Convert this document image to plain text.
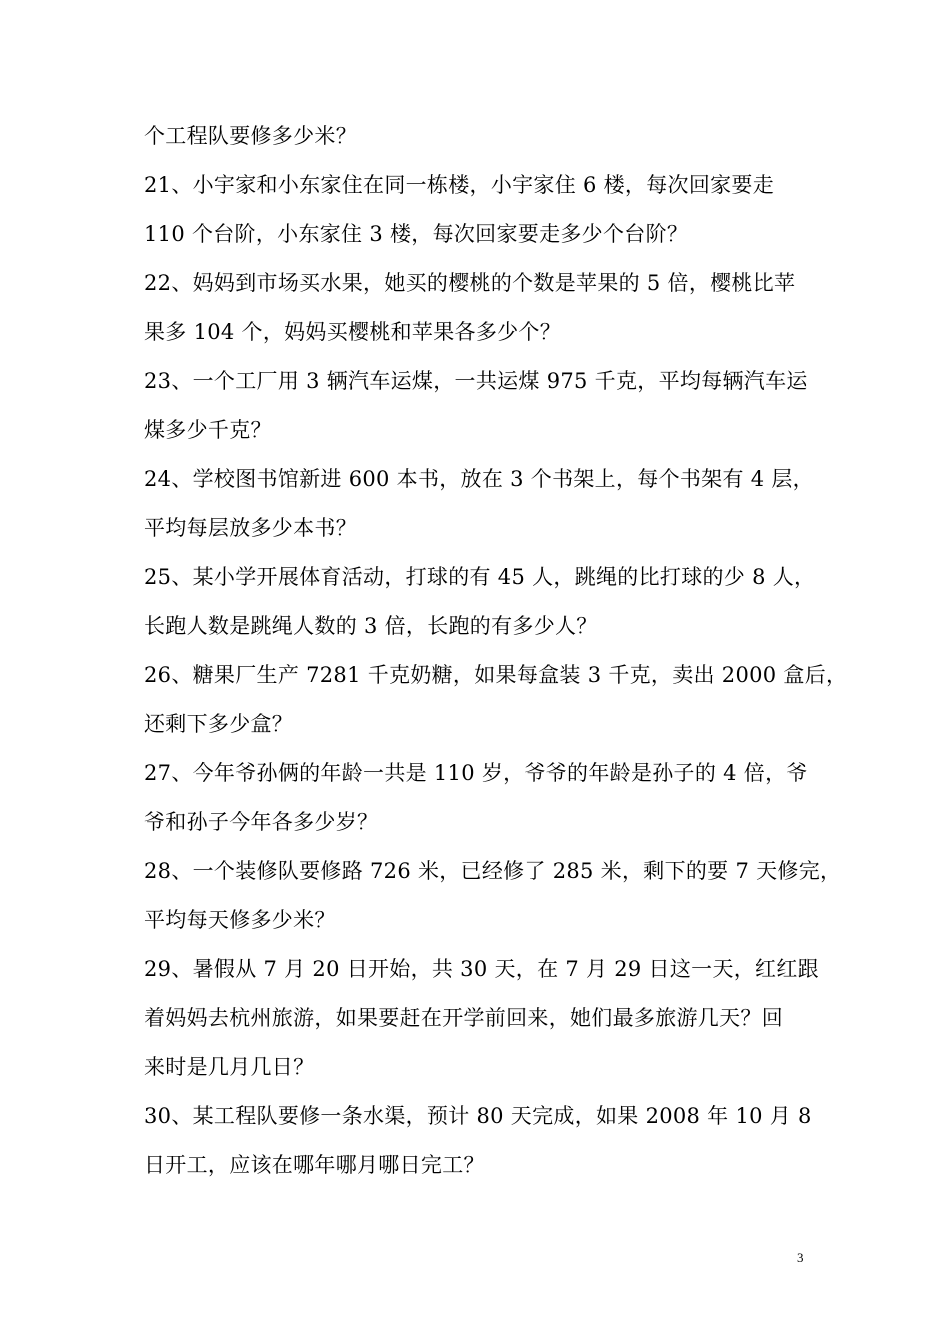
个工程队要修多少米？
21、小宇家和小东家住在同一栋楼，小宇家住 6 楼，每次回家要走
110 个台阶，小东家住 3 楼，每次回家要走多少个台阶？
22、妈妈到市场买水果，她买的樱桃的个数是苹果的 5 倍，樱桃比苹
果多 104 个，妈妈买樱桃和苹果各多少个？
23、一个工厂用 3 辆汽车运煤，一共运煤 975 千克，平均每辆汽车运
煤多少千克？
24、学校图书馆新进 600 本书，放在 3 个书架上，每个书架有 4 层，
平均每层放多少本书？
25、某小学开展体育活动，打球的有 45 人，跳绳的比打球的少 8 人，
长跑人数是跳绳人数的 3 倍，长跑的有多少人？
26、糖果厂生产 7281 千克奶糖，如果每盒装 3 千克，卖出 2000 盒后，
还剩下多少盒？
27、今年爷孙俩的年龄一共是 110 岁，爷爷的年龄是孙子的 4 倍，爷
爷和孙子今年各多少岁？
28、一个装修队要修路 726 米，已经修了 285 米，剩下的要 7 天修完，
平均每天修多少米？
29、暑假从 7 月 20 日开始，共 30 天，在 7 月 29 日这一天，红红跟
着妈妈去杭州旅游，如果要赶在开学前回来，她们最多旅游几天？回
来时是几月几日？
30、某工程队要修一条水渠，预计 80 天完成，如果 2008 年 10 月 8
日开工，应该在哪年哪月哪日完工？
3
